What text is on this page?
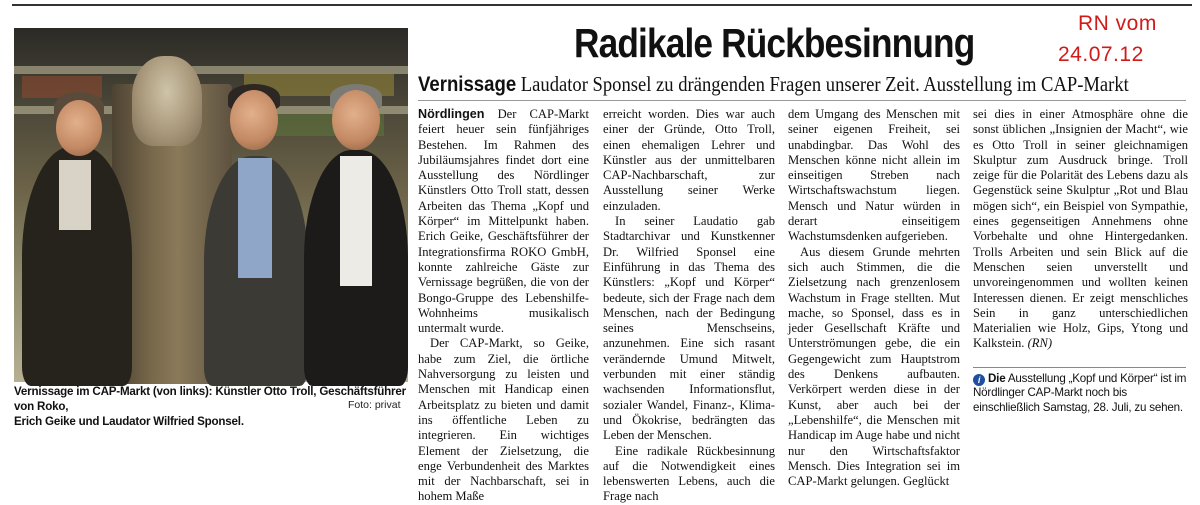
RN vom
24.07.12
Radikale Rückbesinnung
Vernissage Laudator Sponsel zu drängenden Fragen unserer Zeit. Ausstellung im CAP-Markt
Vernissage im CAP-Markt (von links): Künstler Otto Troll, Geschäftsführer von Roko,
Erich Geike und Laudator Wilfried Sponsel.
Foto: privat

Nördlingen Der CAP-Markt feiert heuer sein fünfjähriges Bestehen. Im Rahmen des Jubiläumsjahres findet dort eine Ausstellung des Nördlinger Künstlers Otto Troll statt, dessen Arbeiten das Thema „Kopf und Körper“ im Mittelpunkt haben. Erich Geike, Geschäftsführer der Integrationsfirma ROKO GmbH, konnte zahlreiche Gäste zur Vernissage begrüßen, die von der Bongo-Gruppe des Lebenshilfe-Wohnheims musikalisch untermalt wurde.

Der CAP-Markt, so Geike, habe zum Ziel, die örtliche Nahversorgung zu leisten und Menschen mit Handicap einen Arbeitsplatz zu bieten und damit ins öffentliche Leben zu integrieren. Ein wichtiges Element der Zielsetzung, die enge Verbundenheit des Marktes mit der Nachbarschaft, sei in hohem Maße

erreicht worden. Dies war auch einer der Gründe, Otto Troll, einen ehemaligen Lehrer und Künstler aus der unmittelbaren CAP-Nachbarschaft, zur Ausstellung seiner Werke einzuladen.

In seiner Laudatio gab Stadtarchivar und Kunstkenner Dr. Wilfried Sponsel eine Einführung in das Thema des Künstlers: „Kopf und Körper“ bedeute, sich der Frage nach dem Menschen, nach der Bedingung seines Menschseins, anzunehmen. Eine sich rasant verändernde Umund Mitwelt, verbunden mit einer ständig wachsenden Informationsflut, sozialer Wandel, Finanz-, Klima- und Ökokrise, bedrängten das Leben der Menschen.

Eine radikale Rückbesinnung auf die Notwendigkeit eines lebenswerten Lebens, auch die Frage nach

dem Umgang des Menschen mit seiner eigenen Freiheit, sei unabdingbar. Das Wohl des Menschen könne nicht allein im einseitigen Streben nach Wirtschaftswachstum liegen. Mensch und Natur würden in derart einseitigem Wachstumsdenken aufgerieben.

Aus diesem Grunde mehrten sich auch Stimmen, die die Zielsetzung nach grenzenlosem Wachstum in Frage stellten. Mut mache, so Sponsel, dass es in jeder Gesellschaft Kräfte und Unterströmungen gebe, die ein Gegengewicht zum Hauptstrom des Denkens aufbauten. Verkörpert werden diese in der Kunst, aber auch bei der „Lebenshilfe“, die Menschen mit Handicap im Auge habe und nicht nur den Wirtschaftsfaktor Mensch. Dies Integration sei im CAP-Markt gelungen. Geglückt

sei dies in einer Atmosphäre ohne die sonst üblichen „Insignien der Macht“, wie es Otto Troll in seiner gleichnamigen Skulptur zum Ausdruck bringe. Troll zeige für die Polarität des Lebens dazu als Gegenstück seine Skulptur „Rot und Blau mögen sich“, ein Beispiel von Sympathie, eines gegenseitigen Annehmens ohne Vorbehalte und ohne Hintergedanken. Trolls Arbeiten und sein Blick auf die Menschen seien unverstellt und unvoreingenommen und wollten keinen Interessen dienen. Er zeigt menschliches Sein in ganz unterschiedlichen Materialien wie Holz, Gips, Ytong und Kalkstein. (RN)

i Die Ausstellung „Kopf und Körper“ ist im Nördlinger CAP-Markt noch bis einschließlich Samstag, 28. Juli, zu sehen.
